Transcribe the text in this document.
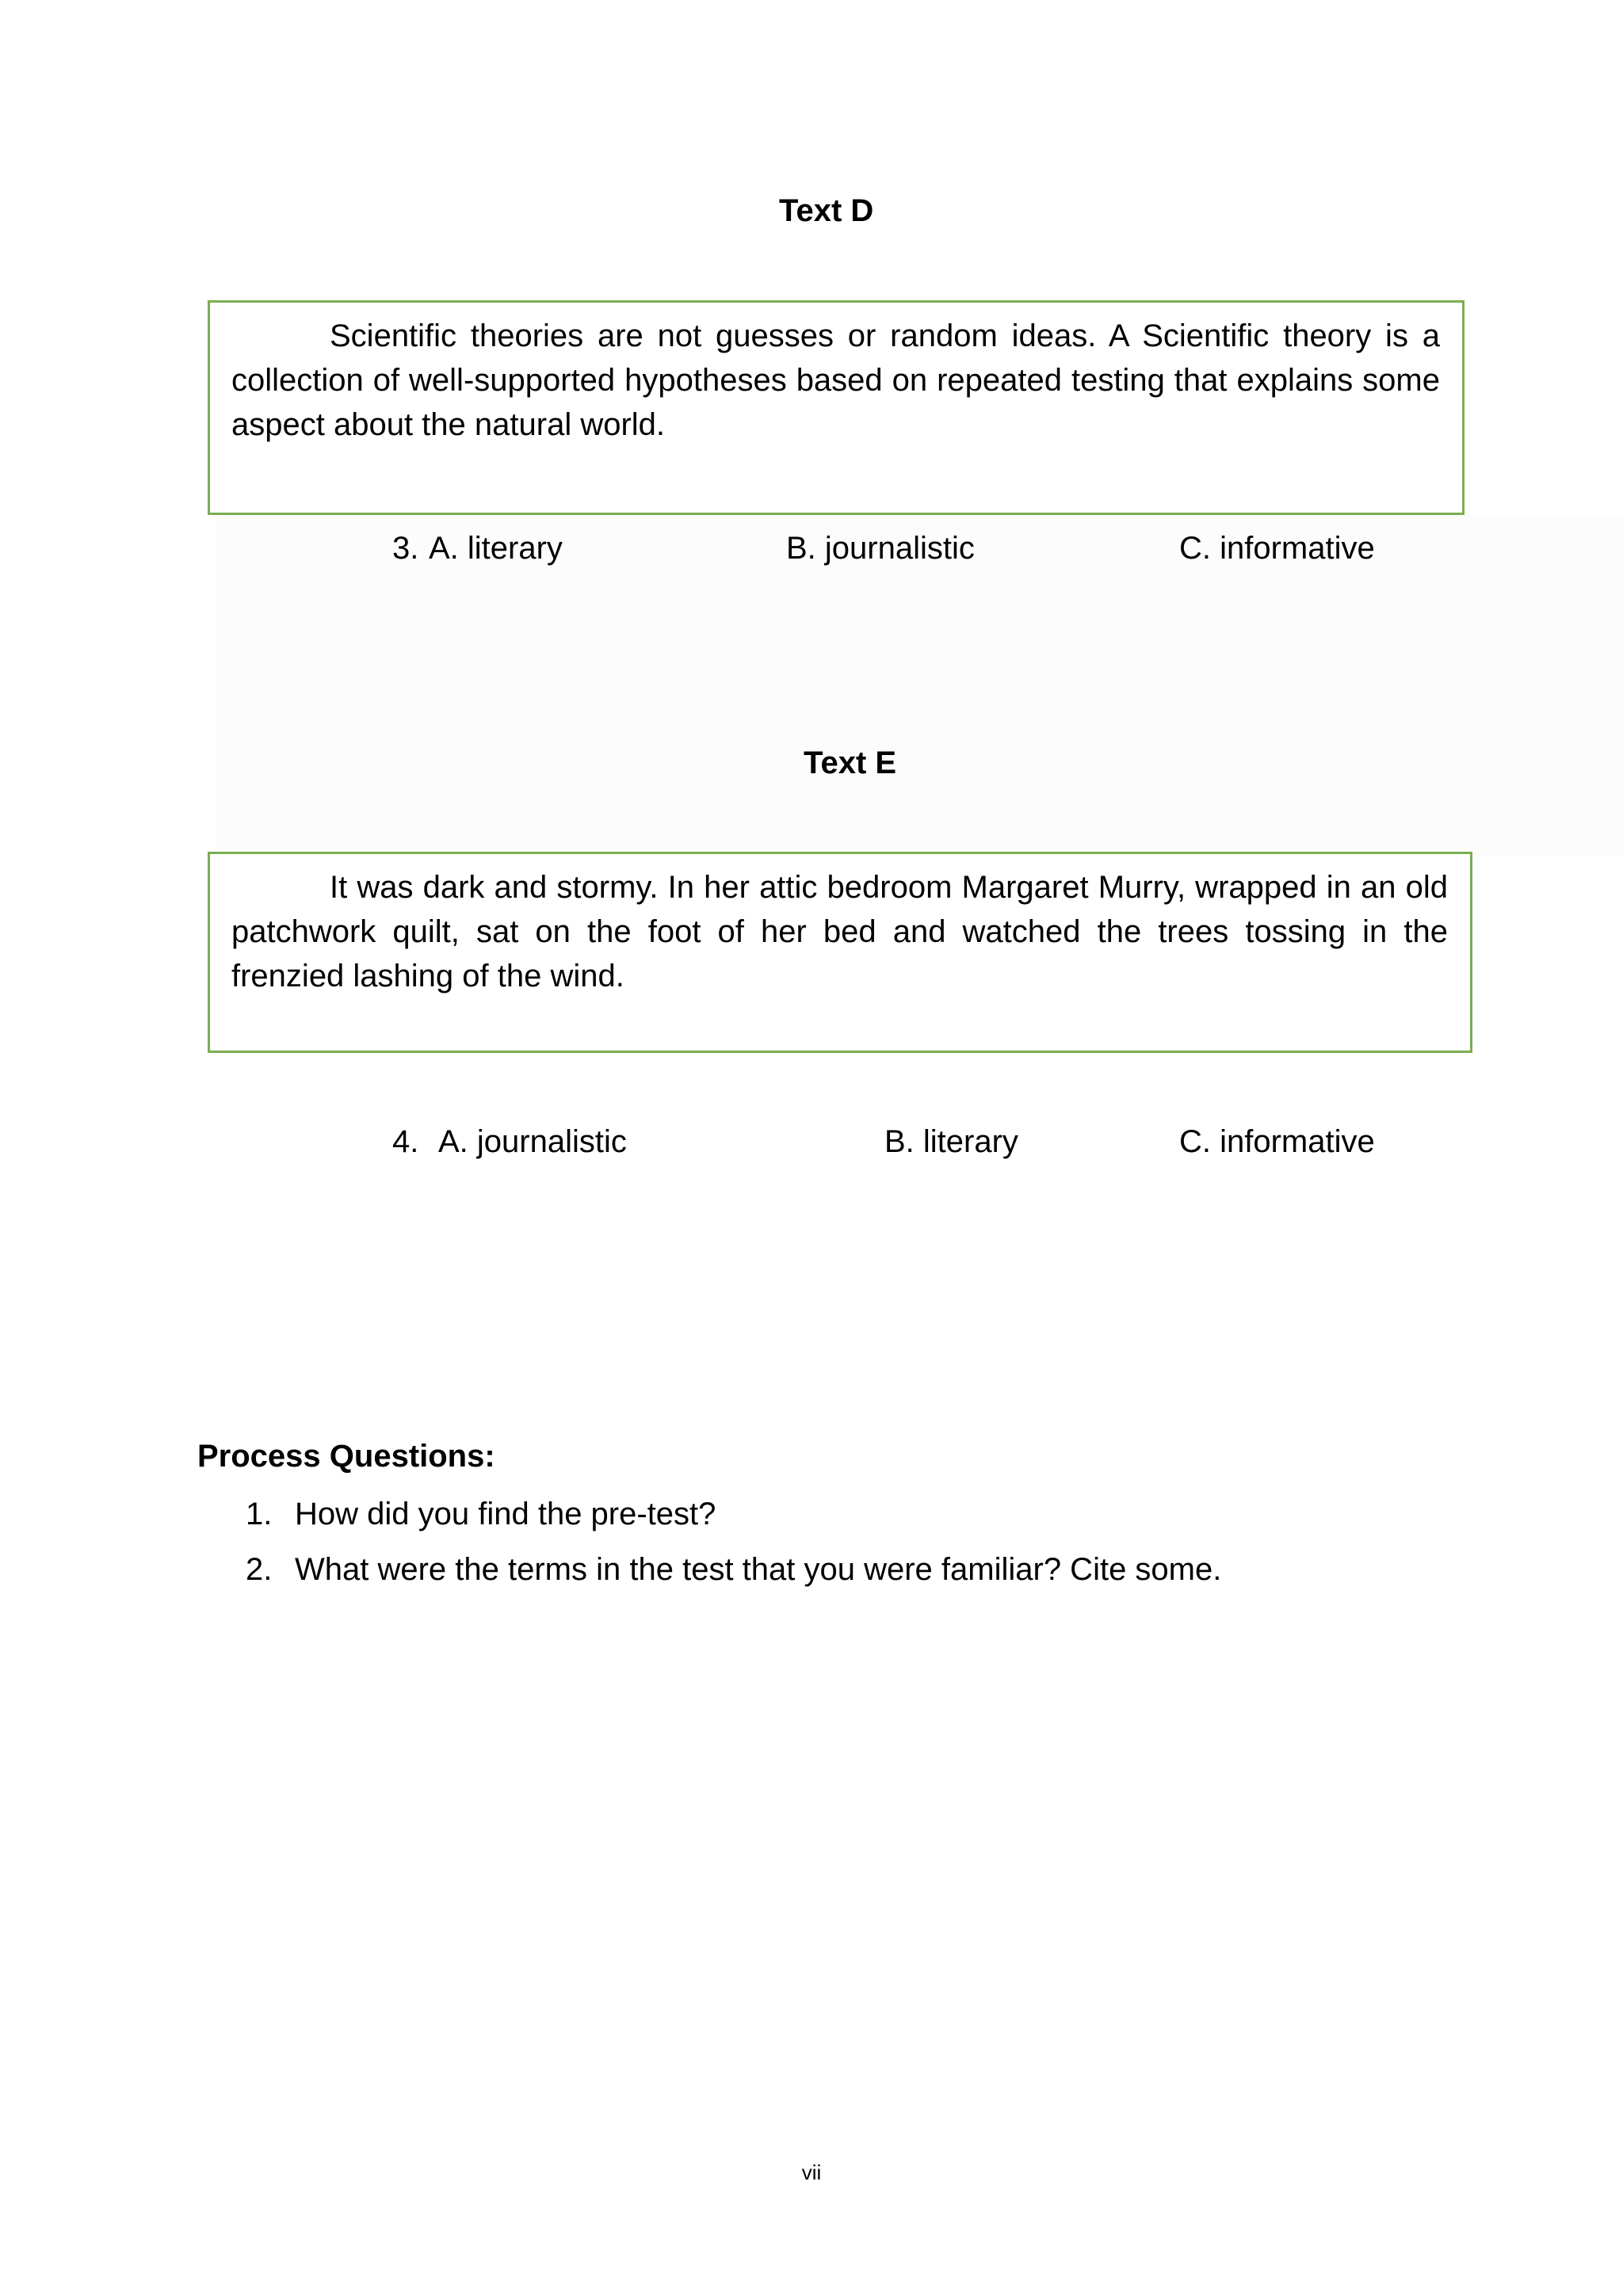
Text D

Scientific theories are not guesses or random ideas. A Scientific theory is a collection of well-supported hypotheses based on repeated testing that explains some aspect about the natural world.

3. A. literary	B. journalistic	C. informative
Text E

It was dark and stormy. In her attic bedroom Margaret Murry, wrapped in an old patchwork quilt, sat on the foot of her bed and watched the trees tossing in the frenzied lashing of the wind.

4. A. journalistic	B. literary	C. informative
Process Questions:
1. How did you find the pre-test?
2. What were the terms in the test that you were familiar? Cite some.
vii
